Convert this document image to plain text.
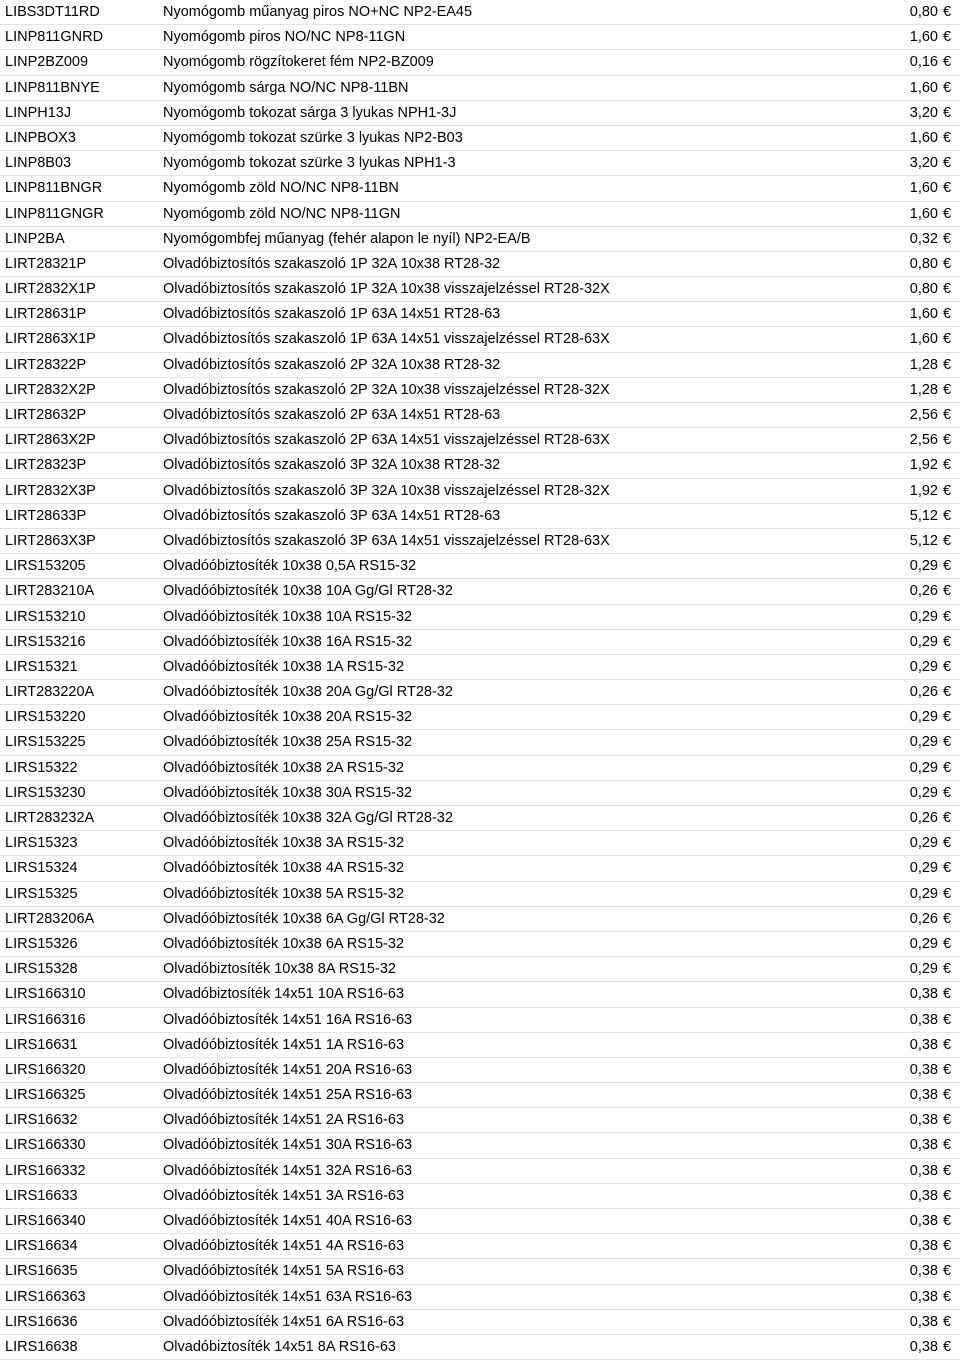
LIBS3DT11RD	Nyomógomb műanyag piros NO+NC NP2-EA45	0,80 €
LINP811GNRD	Nyomógomb piros NO/NC NP8-11GN	1,60 €
LINP2BZ009	Nyomógomb rögzítokeret fém NP2-BZ009	0,16 €
LINP811BNYE	Nyomógomb sárga NO/NC NP8-11BN	1,60 €
LINPH13J	Nyomógomb tokozat sárga 3 lyukas NPH1-3J	3,20 €
LINPBOX3	Nyomógomb tokozat szürke 3 lyukas NP2-B03	1,60 €
LINP8B03	Nyomógomb tokozat szürke 3 lyukas NPH1-3	3,20 €
LINP811BNGR	Nyomógomb zöld NO/NC NP8-11BN	1,60 €
LINP811GNGR	Nyomógomb zöld NO/NC NP8-11GN	1,60 €
LINP2BA	Nyomógombfej műanyag (fehér alapon le nyíl) NP2-EA/B	0,32 €
LIRT28321P	Olvadóbiztosítós szakaszoló 1P 32A 10x38 RT28-32	0,80 €
LIRT2832X1P	Olvadóbiztosítós szakaszoló 1P 32A 10x38 visszajelzéssel RT28-32X	0,80 €
LIRT28631P	Olvadóbiztosítós szakaszoló 1P 63A 14x51 RT28-63	1,60 €
LIRT2863X1P	Olvadóbiztosítós szakaszoló 1P 63A 14x51 visszajelzéssel RT28-63X	1,60 €
LIRT28322P	Olvadóbiztosítós szakaszoló 2P 32A 10x38 RT28-32	1,28 €
LIRT2832X2P	Olvadóbiztosítós szakaszoló 2P 32A 10x38 visszajelzéssel RT28-32X	1,28 €
LIRT28632P	Olvadóbiztosítós szakaszoló 2P 63A 14x51 RT28-63	2,56 €
LIRT2863X2P	Olvadóbiztosítós szakaszoló 2P 63A 14x51 visszajelzéssel RT28-63X	2,56 €
LIRT28323P	Olvadóbiztosítós szakaszoló 3P 32A 10x38 RT28-32	1,92 €
LIRT2832X3P	Olvadóbiztosítós szakaszoló 3P 32A 10x38 visszajelzéssel RT28-32X	1,92 €
LIRT28633P	Olvadóbiztosítós szakaszoló 3P 63A 14x51 RT28-63	5,12 €
LIRT2863X3P	Olvadóbiztosítós szakaszoló 3P 63A 14x51 visszajelzéssel RT28-63X	5,12 €
LIRS153205	Olvadóóbiztosíték 10x38 0,5A RS15-32	0,29 €
LIRT283210A	Olvadóóbiztosíték 10x38 10A Gg/Gl RT28-32	0,26 €
LIRS153210	Olvadóóbiztosíték 10x38 10A RS15-32	0,29 €
LIRS153216	Olvadóóbiztosíték 10x38 16A RS15-32	0,29 €
LIRS15321	Olvadóóbiztosíték 10x38 1A RS15-32	0,29 €
LIRT283220A	Olvadóóbiztosíték 10x38 20A Gg/Gl RT28-32	0,26 €
LIRS153220	Olvadóóbiztosíték 10x38 20A RS15-32	0,29 €
LIRS153225	Olvadóóbiztosíték 10x38 25A RS15-32	0,29 €
LIRS15322	Olvadóóbiztosíték 10x38 2A RS15-32	0,29 €
LIRS153230	Olvadóóbiztosíték 10x38 30A RS15-32	0,29 €
LIRT283232A	Olvadóóbiztosíték 10x38 32A Gg/Gl RT28-32	0,26 €
LIRS15323	Olvadóóbiztosíték 10x38 3A RS15-32	0,29 €
LIRS15324	Olvadóóbiztosíték 10x38 4A RS15-32	0,29 €
LIRS15325	Olvadóóbiztosíték 10x38 5A RS15-32	0,29 €
LIRT283206A	Olvadóóbiztosíték 10x38 6A Gg/Gl RT28-32	0,26 €
LIRS15326	Olvadóóbiztosíték 10x38 6A RS15-32	0,29 €
LIRS15328	Olvadóbiztosíték 10x38 8A RS15-32	0,29 €
LIRS166310	Olvadóbiztosíték 14x51 10A RS16-63	0,38 €
LIRS166316	Olvadóóbiztosíték 14x51 16A RS16-63	0,38 €
LIRS16631	Olvadóóbiztosíték 14x51 1A RS16-63	0,38 €
LIRS166320	Olvadóóbiztosíték 14x51 20A RS16-63	0,38 €
LIRS166325	Olvadóóbiztosíték 14x51 25A RS16-63	0,38 €
LIRS16632	Olvadóóbiztosíték 14x51 2A RS16-63	0,38 €
LIRS166330	Olvadóóbiztosíték 14x51 30A RS16-63	0,38 €
LIRS166332	Olvadóóbiztosíték 14x51 32A RS16-63	0,38 €
LIRS16633	Olvadóóbiztosíték 14x51 3A RS16-63	0,38 €
LIRS166340	Olvadóóbiztosíték 14x51 40A RS16-63	0,38 €
LIRS16634	Olvadóóbiztosíték 14x51 4A RS16-63	0,38 €
LIRS16635	Olvadóóbiztosíték 14x51 5A RS16-63	0,38 €
LIRS166363	Olvadóóbiztosíték 14x51 63A RS16-63	0,38 €
LIRS16636	Olvadóóbiztosíték 14x51 6A RS16-63	0,38 €
LIRS16638	Olvadóbiztosíték 14x51 8A RS16-63	0,38 €
